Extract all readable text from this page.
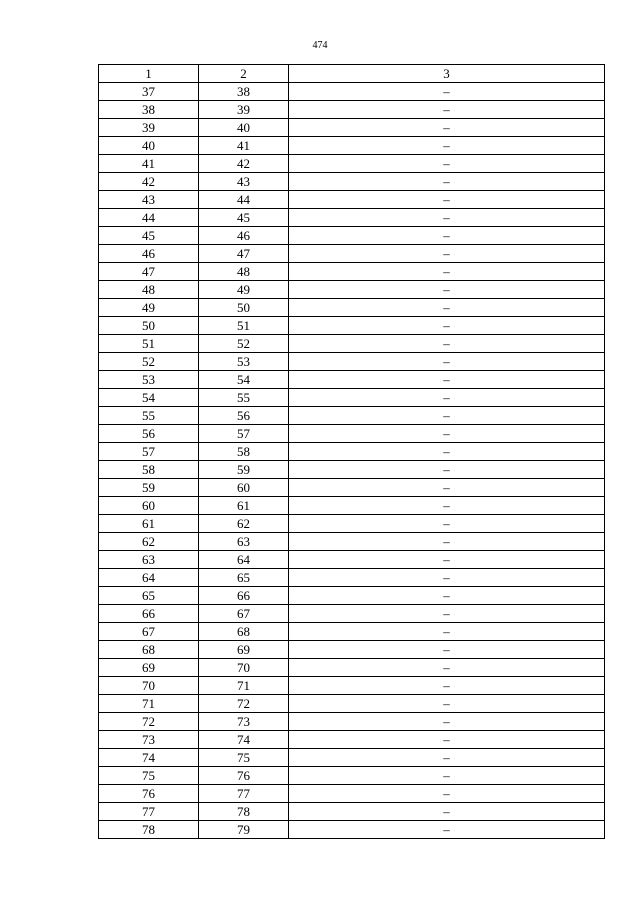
474
1	2	3
37	38	–
38	39	–
39	40	–
40	41	–
41	42	–
42	43	–
43	44	–
44	45	–
45	46	–
46	47	–
47	48	–
48	49	–
49	50	–
50	51	–
51	52	–
52	53	–
53	54	–
54	55	–
55	56	–
56	57	–
57	58	–
58	59	–
59	60	–
60	61	–
61	62	–
62	63	–
63	64	–
64	65	–
65	66	–
66	67	–
67	68	–
68	69	–
69	70	–
70	71	–
71	72	–
72	73	–
73	74	–
74	75	–
75	76	–
76	77	–
77	78	–
78	79	–
